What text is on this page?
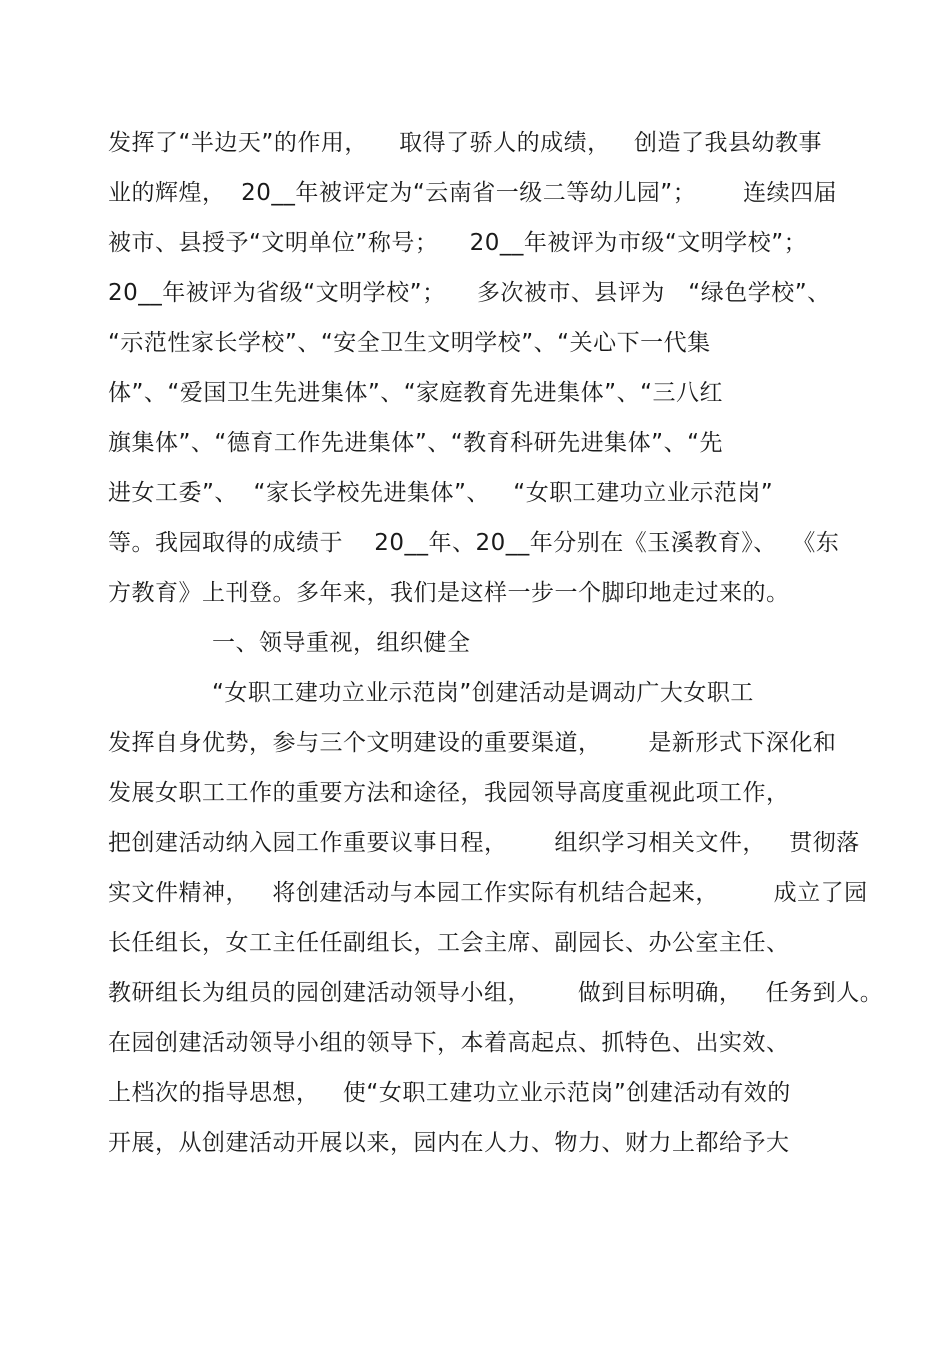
发挥了“半边天”的作用，    取得了骄人的成绩，   创造了我县幼教事
业的辉煌，  20__年被评定为“云南省一级二等幼儿园”；      连续四届
被市、县授予“文明单位”称号；    20__年被评为市级“文明学校”；
20__年被评为省级“文明学校”；    多次被市、县评为   “绿色学校”、
“示范性家长学校”、“安全卫生文明学校”、“关心下一代集
体”、“爱国卫生先进集体”、“家庭教育先进集体”、“三八红
旗集体”、“德育工作先进集体”、“教育科研先进集体”、“先
进女工委”、  “家长学校先进集体”、   “女职工建功立业示范岗”
等。我园取得的成绩于    20__年、20__年分别在《玉溪教育》、  《东
方教育》上刊登。多年来，我们是这样一步一个脚印地走过来的。
一、领导重视，组织健全
“女职工建功立业示范岗”创建活动是调动广大女职工
发挥自身优势，参与三个文明建设的重要渠道，      是新形式下深化和
发展女职工工作的重要方法和途径，我园领导高度重视此项工作，
把创建活动纳入园工作重要议事日程，      组织学习相关文件，   贯彻落
实文件精神，   将创建活动与本园工作实际有机结合起来，       成立了园
长任组长，女工主任任副组长，工会主席、副园长、办公室主任、
教研组长为组员的园创建活动领导小组，      做到目标明确，   任务到人。
在园创建活动领导小组的领导下，本着高起点、抓特色、出实效、
上档次的指导思想，   使“女职工建功立业示范岗”创建活动有效的
开展，从创建活动开展以来，园内在人力、物力、财力上都给予大
